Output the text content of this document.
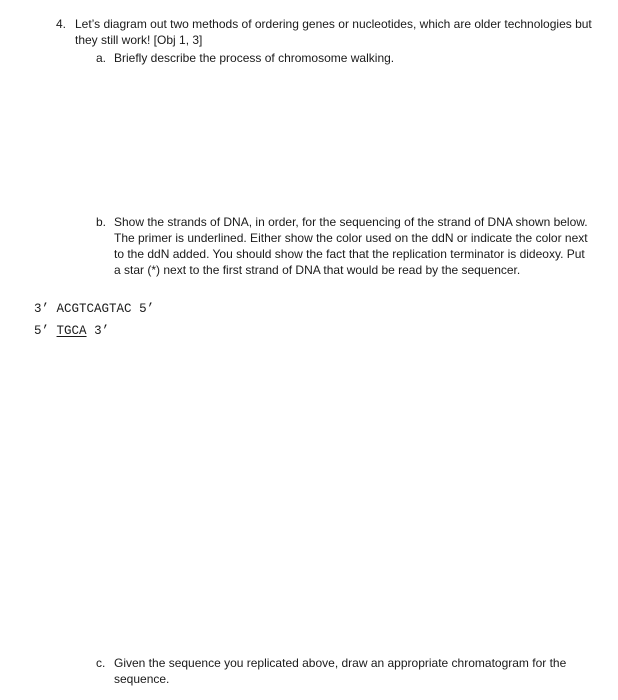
4. Let’s diagram out two methods of ordering genes or nucleotides, which are older technologies but they still work! [Obj 1, 3]
a. Briefly describe the process of chromosome walking.
b. Show the strands of DNA, in order, for the sequencing of the strand of DNA shown below. The primer is underlined. Either show the color used on the ddN or indicate the color next to the ddN added. You should show the fact that the replication terminator is dideoxy. Put a star (*) next to the first strand of DNA that would be read by the sequencer.
3’ ACGTCAGTAC 5’
5’ TGCA 3’
c. Given the sequence you replicated above, draw an appropriate chromatogram for the sequence.
